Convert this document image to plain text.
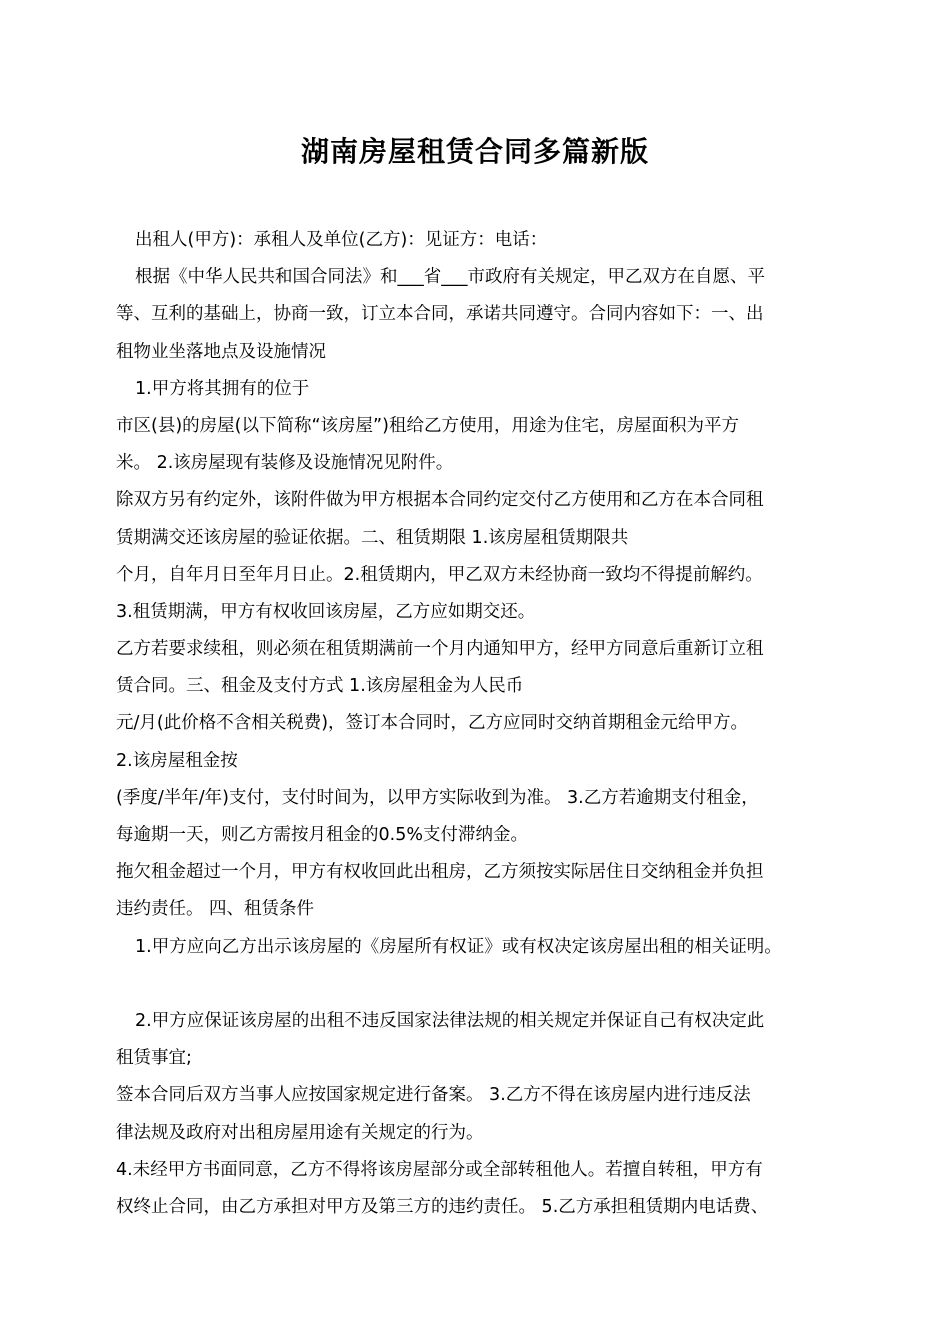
湖南房屋租赁合同多篇新版

出租人(甲方)：承租人及单位(乙方)：见证方：电话：

根据《中华人民共和国合同法》和___省___市政府有关规定，甲乙双方在自愿、平

等、互利的基础上，协商一致，订立本合同，承诺共同遵守。合同内容如下：一、出

租物业坐落地点及设施情况

1.甲方将其拥有的位于

市区(县)的房屋(以下简称“该房屋”)租给乙方使用，用途为住宅，房屋面积为平方

米。 2.该房屋现有装修及设施情况见附件。

除双方另有约定外，该附件做为甲方根据本合同约定交付乙方使用和乙方在本合同租

赁期满交还该房屋的验证依据。二、租赁期限 1.该房屋租赁期限共

个月，自年月日至年月日止。2.租赁期内，甲乙双方未经协商一致均不得提前解约。

3.租赁期满，甲方有权收回该房屋，乙方应如期交还。

乙方若要求续租，则必须在租赁期满前一个月内通知甲方，经甲方同意后重新订立租

赁合同。三、租金及支付方式 1.该房屋租金为人民币

元/月(此价格不含相关税费)，签订本合同时，乙方应同时交纳首期租金元给甲方。

2.该房屋租金按

(季度/半年/年)支付，支付时间为，以甲方实际收到为准。 3.乙方若逾期支付租金，

每逾期一天，则乙方需按月租金的0.5%支付滞纳金。

拖欠租金超过一个月，甲方有权收回此出租房，乙方须按实际居住日交纳租金并负担

违约责任。 四、租赁条件

1.甲方应向乙方出示该房屋的《房屋所有权证》或有权决定该房屋出租的相关证明。

2.甲方应保证该房屋的出租不违反国家法律法规的相关规定并保证自己有权决定此

租赁事宜;

签本合同后双方当事人应按国家规定进行备案。 3.乙方不得在该房屋内进行违反法

律法规及政府对出租房屋用途有关规定的行为。

4.未经甲方书面同意，乙方不得将该房屋部分或全部转租他人。若擅自转租，甲方有

权终止合同，由乙方承担对甲方及第三方的违约责任。 5.乙方承担租赁期内电话费、
